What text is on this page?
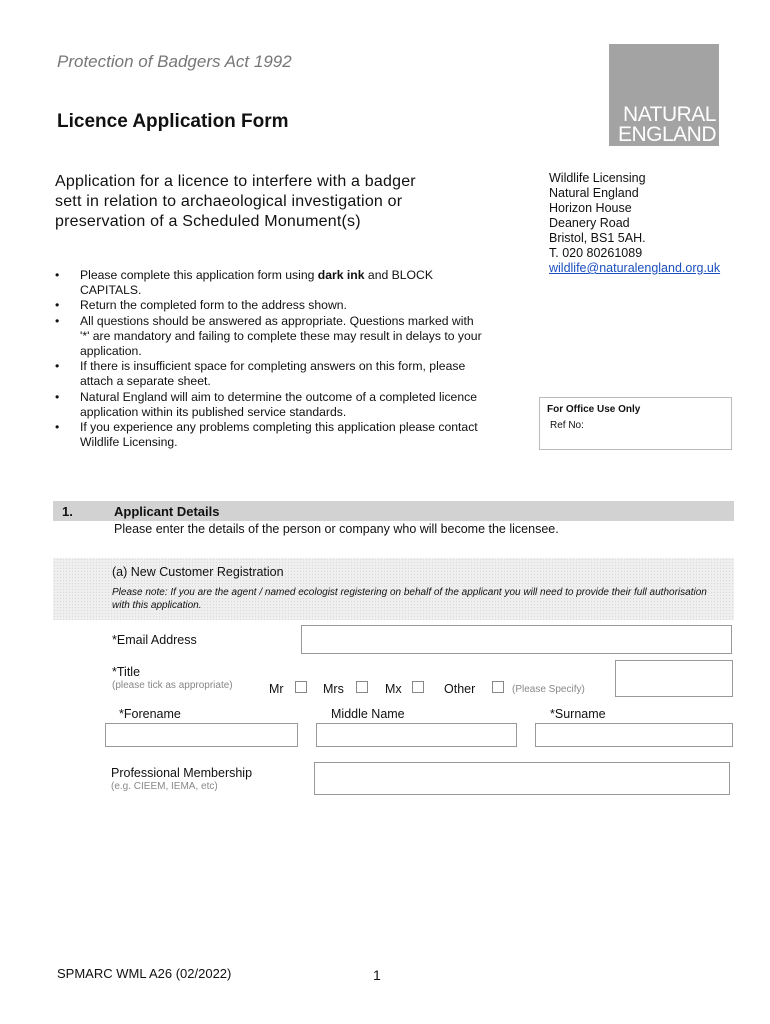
Protection of Badgers Act 1992
NATURAL
ENGLAND
Licence Application Form
Application for a licence to interfere with a badger
sett in relation to archaeological investigation or
preservation of a Scheduled Monument(s)
Wildlife Licensing
Natural England
Horizon House
Deanery Road
Bristol, BS1 5AH.
T. 020 80261089
wildlife@naturalengland.org.uk
• Please complete this application form using dark ink and BLOCK CAPITALS.
• Return the completed form to the address shown.
• All questions should be answered as appropriate. Questions marked with '*' are mandatory and failing to complete these may result in delays to your application.
• If there is insufficient space for completing answers on this form, please attach a separate sheet.
• Natural England will aim to determine the outcome of a completed licence application within its published service standards.
• If you experience any problems completing this application please contact Wildlife Licensing.
For Office Use Only
Ref No:
1.	Applicant Details
Please enter the details of the person or company who will become the licensee.
(a) New Customer Registration
Please note: If you are the agent / named ecologist registering on behalf of the applicant you will need to provide their full authorisation with this application.
*Email Address
*Title
(please tick as appropriate)	Mr	Mrs	Mx	Other	(Please Specify)
*Forename	Middle Name	*Surname
Professional Membership
(e.g. CIEEM, IEMA, etc)
SPMARC WML A26 (02/2022)	1
